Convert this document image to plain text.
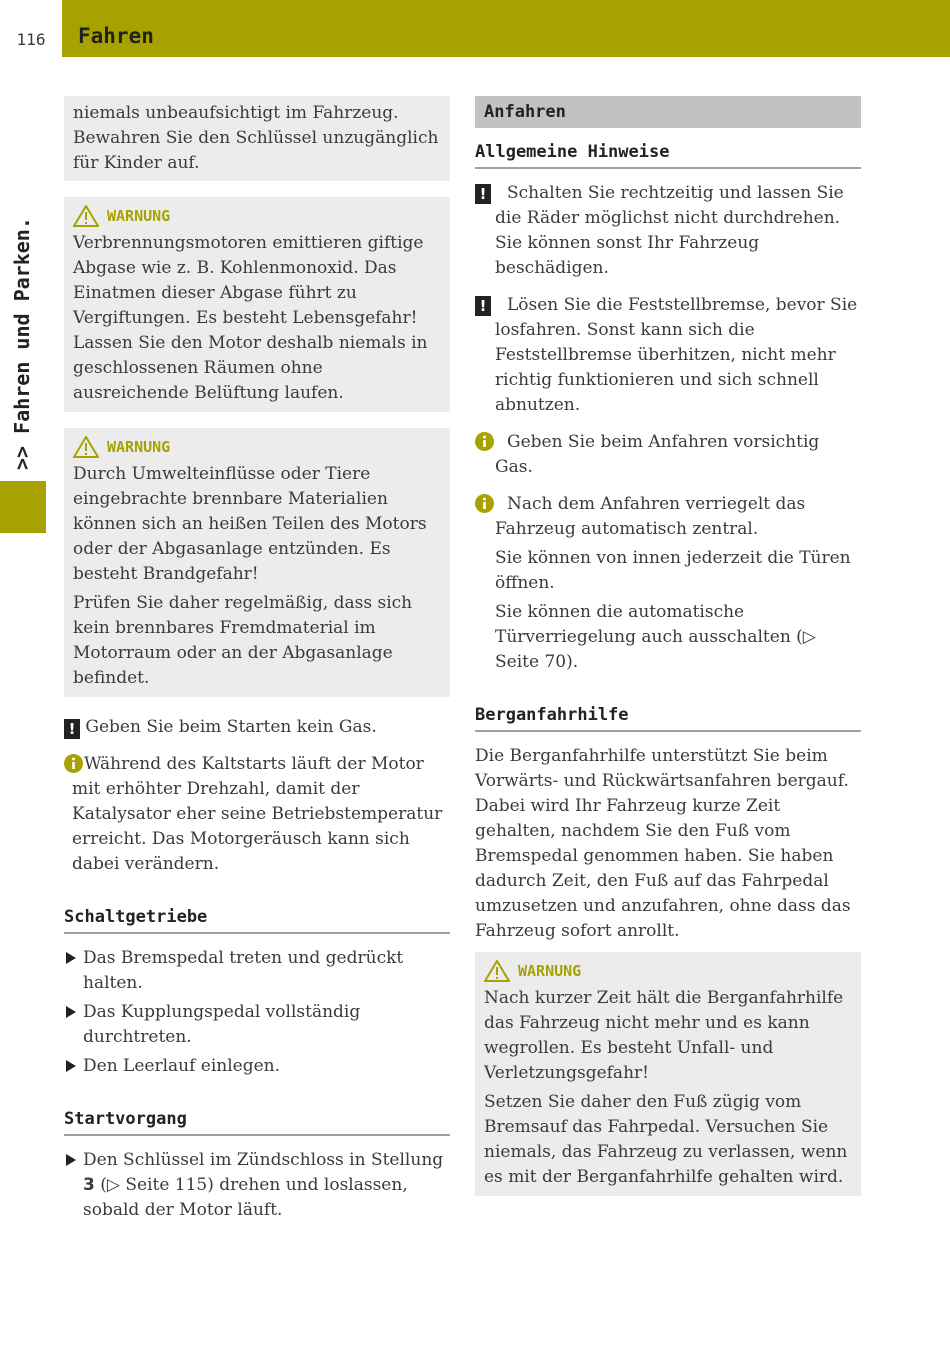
116	Fahren
>> Fahren und Parken.

niemals unbeaufsichtigt im Fahrzeug. Bewahren Sie den Schlüssel unzugänglich für Kinder auf.

WARNUNG

Verbrennungsmotoren emittieren giftige Abgase wie z. B. Kohlenmonoxid. Das Einatmen dieser Abgase führt zu Vergiftungen. Es besteht Lebensgefahr! Lassen Sie den Motor deshalb niemals in geschlossenen Räumen ohne ausreichende Belüftung laufen.

WARNUNG

Durch Umwelteinflüsse oder Tiere eingebrachte brennbare Materialien können sich an heißen Teilen des Motors oder der Abgasanlage entzünden. Es besteht Brandgefahr!

Prüfen Sie daher regelmäßig, dass sich kein brennbares Fremdmaterial im Motorraum oder an der Abgasanlage befindet.

! Geben Sie beim Starten kein Gas.

Während des Kaltstarts läuft der Motor mit erhöhter Drehzahl, damit der Katalysator eher seine Betriebstemperatur erreicht. Das Motorgeräusch kann sich dabei verändern.

Schaltgetriebe
Das Bremspedal treten und gedrückt halten.
Das Kupplungspedal vollständig durchtreten.
Den Leerlauf einlegen.
Startvorgang
Den Schlüssel im Zündschloss in Stellung 3 (▷ Seite 115) drehen und loslassen, sobald der Motor läuft.
Anfahren
Allgemeine Hinweise
!	Schalten Sie rechtzeitig und lassen Sie die Räder möglichst nicht durchdrehen. Sie können sonst Ihr Fahrzeug beschädigen.

!	Lösen Sie die Feststellbremse, bevor Sie losfahren. Sonst kann sich die Feststellbremse überhitzen, nicht mehr richtig funktionieren und sich schnell abnutzen.

Geben Sie beim Anfahren vorsichtig Gas.

Nach dem Anfahren verriegelt das Fahrzeug automatisch zentral.

Sie können von innen jederzeit die Türen öffnen.

Sie können die automatische Türverriegelung auch ausschalten (▷ Seite 70).

Berganfahrhilfe

Die Berganfahrhilfe unterstützt Sie beim Vorwärts- und Rückwärtsanfahren bergauf. Dabei wird Ihr Fahrzeug kurze Zeit gehalten, nachdem Sie den Fuß vom Bremspedal genommen haben. Sie haben dadurch Zeit, den Fuß auf das Fahrpedal umzusetzen und anzufahren, ohne dass das Fahrzeug sofort anrollt.

WARNUNG

Nach kurzer Zeit hält die Berganfahrhilfe das Fahrzeug nicht mehr und es kann wegrollen. Es besteht Unfall- und Verletzungsgefahr!

Setzen Sie daher den Fuß zügig vom Bremsauf das Fahrpedal. Versuchen Sie niemals, das Fahrzeug zu verlassen, wenn es mit der Berganfahrhilfe gehalten wird.
